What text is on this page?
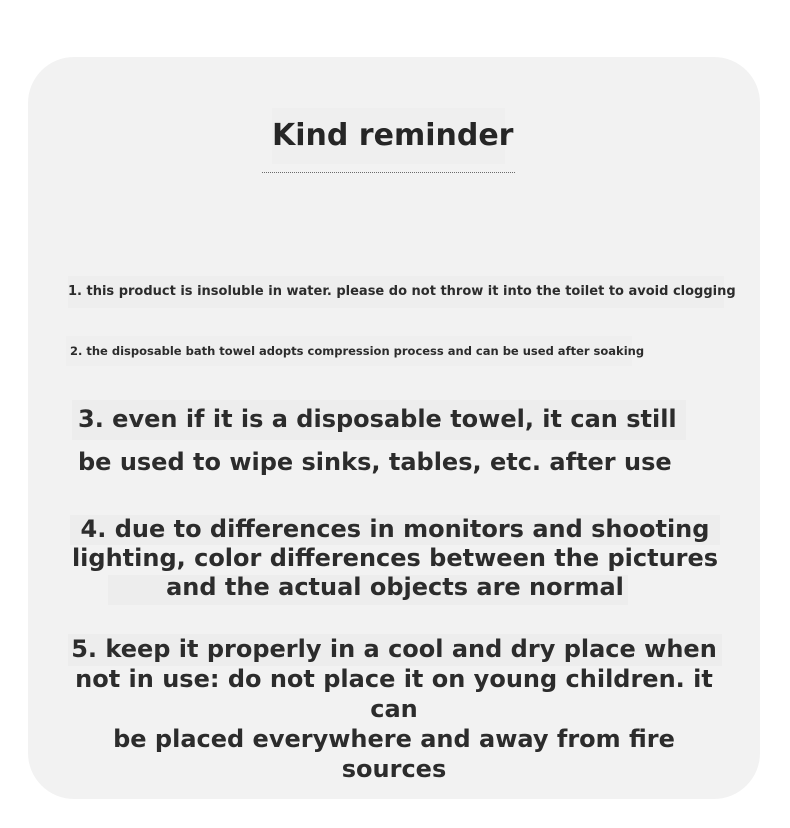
Kind reminder
1. this product is insoluble in water. please do not throw it into the toilet to avoid clogging
2. the disposable bath towel adopts compression process and can be used after soaking
3. even if it is a disposable towel, it can still
be used to wipe sinks, tables, etc. after use
4. due to differences in monitors and shooting
lighting, color differences between the pictures
and the actual objects are normal
5. keep it properly in a cool and dry place when
not in use: do not place it on young children. it can
be placed everywhere and away from fire sources
